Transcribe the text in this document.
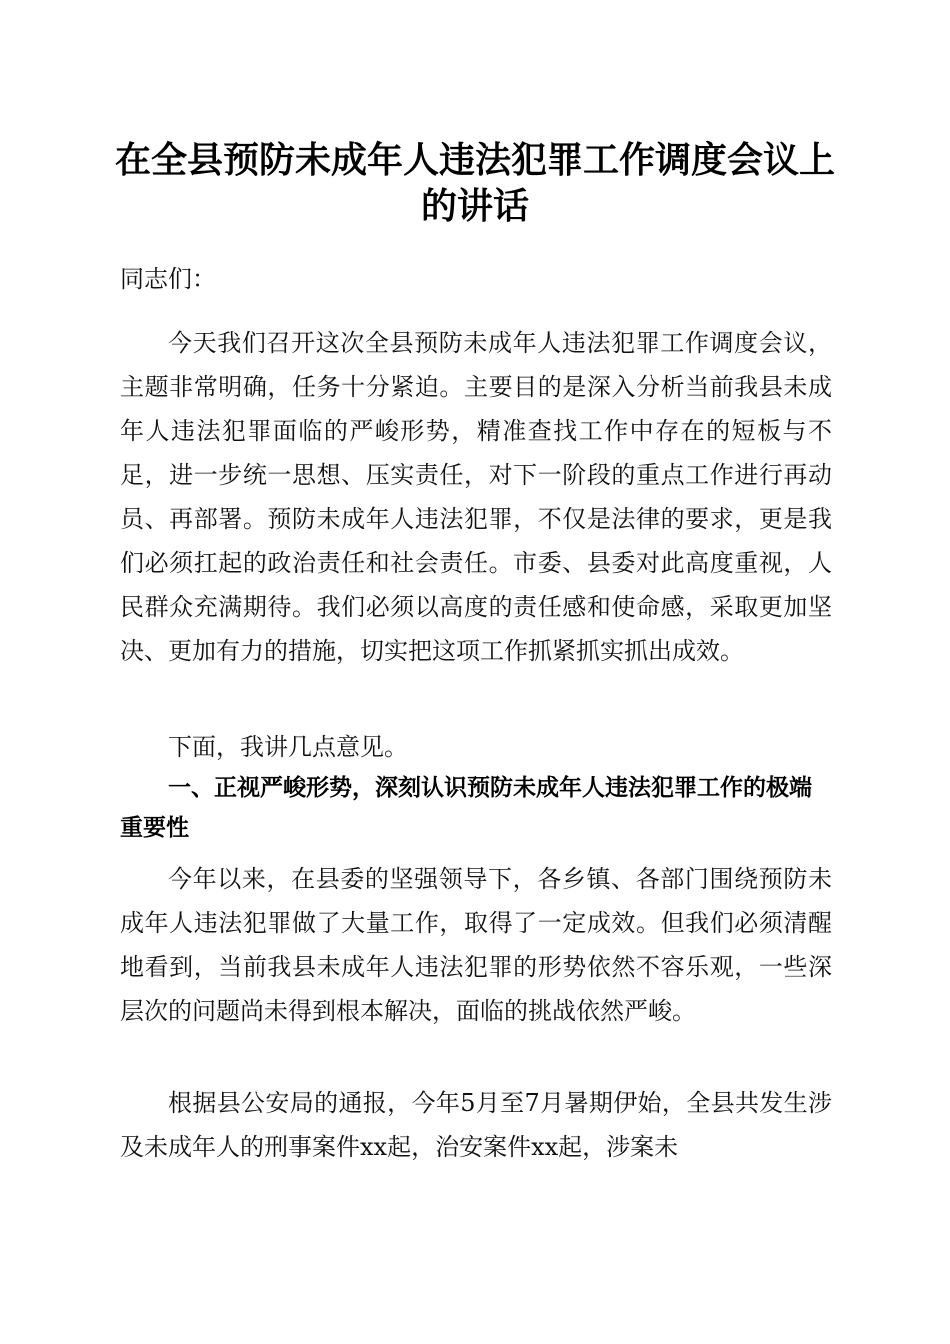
在全县预防未成年人违法犯罪工作调度会议上
的讲话
同志们：
今天我们召开这次全县预防未成年人违法犯罪工作调度会议，主题非常明确，任务十分紧迫。主要目的是深入分析当前我县未成年人违法犯罪面临的严峻形势，精准查找工作中存在的短板与不足，进一步统一思想、压实责任，对下一阶段的重点工作进行再动员、再部署。预防未成年人违法犯罪，不仅是法律的要求，更是我们必须扛起的政治责任和社会责任。市委、县委对此高度重视，人民群众充满期待。我们必须以高度的责任感和使命感，采取更加坚决、更加有力的措施，切实把这项工作抓紧抓实抓出成效。
下面，我讲几点意见。
一、正视严峻形势，深刻认识预防未成年人违法犯罪工作的极端重要性
今年以来，在县委的坚强领导下，各乡镇、各部门围绕预防未成年人违法犯罪做了大量工作，取得了一定成效。但我们必须清醒地看到，当前我县未成年人违法犯罪的形势依然不容乐观，一些深层次的问题尚未得到根本解决，面临的挑战依然严峻。
根据县公安局的通报，今年5月至7月暑期伊始，全县共发生涉及未成年人的刑事案件xx起，治安案件xx起，涉案未
